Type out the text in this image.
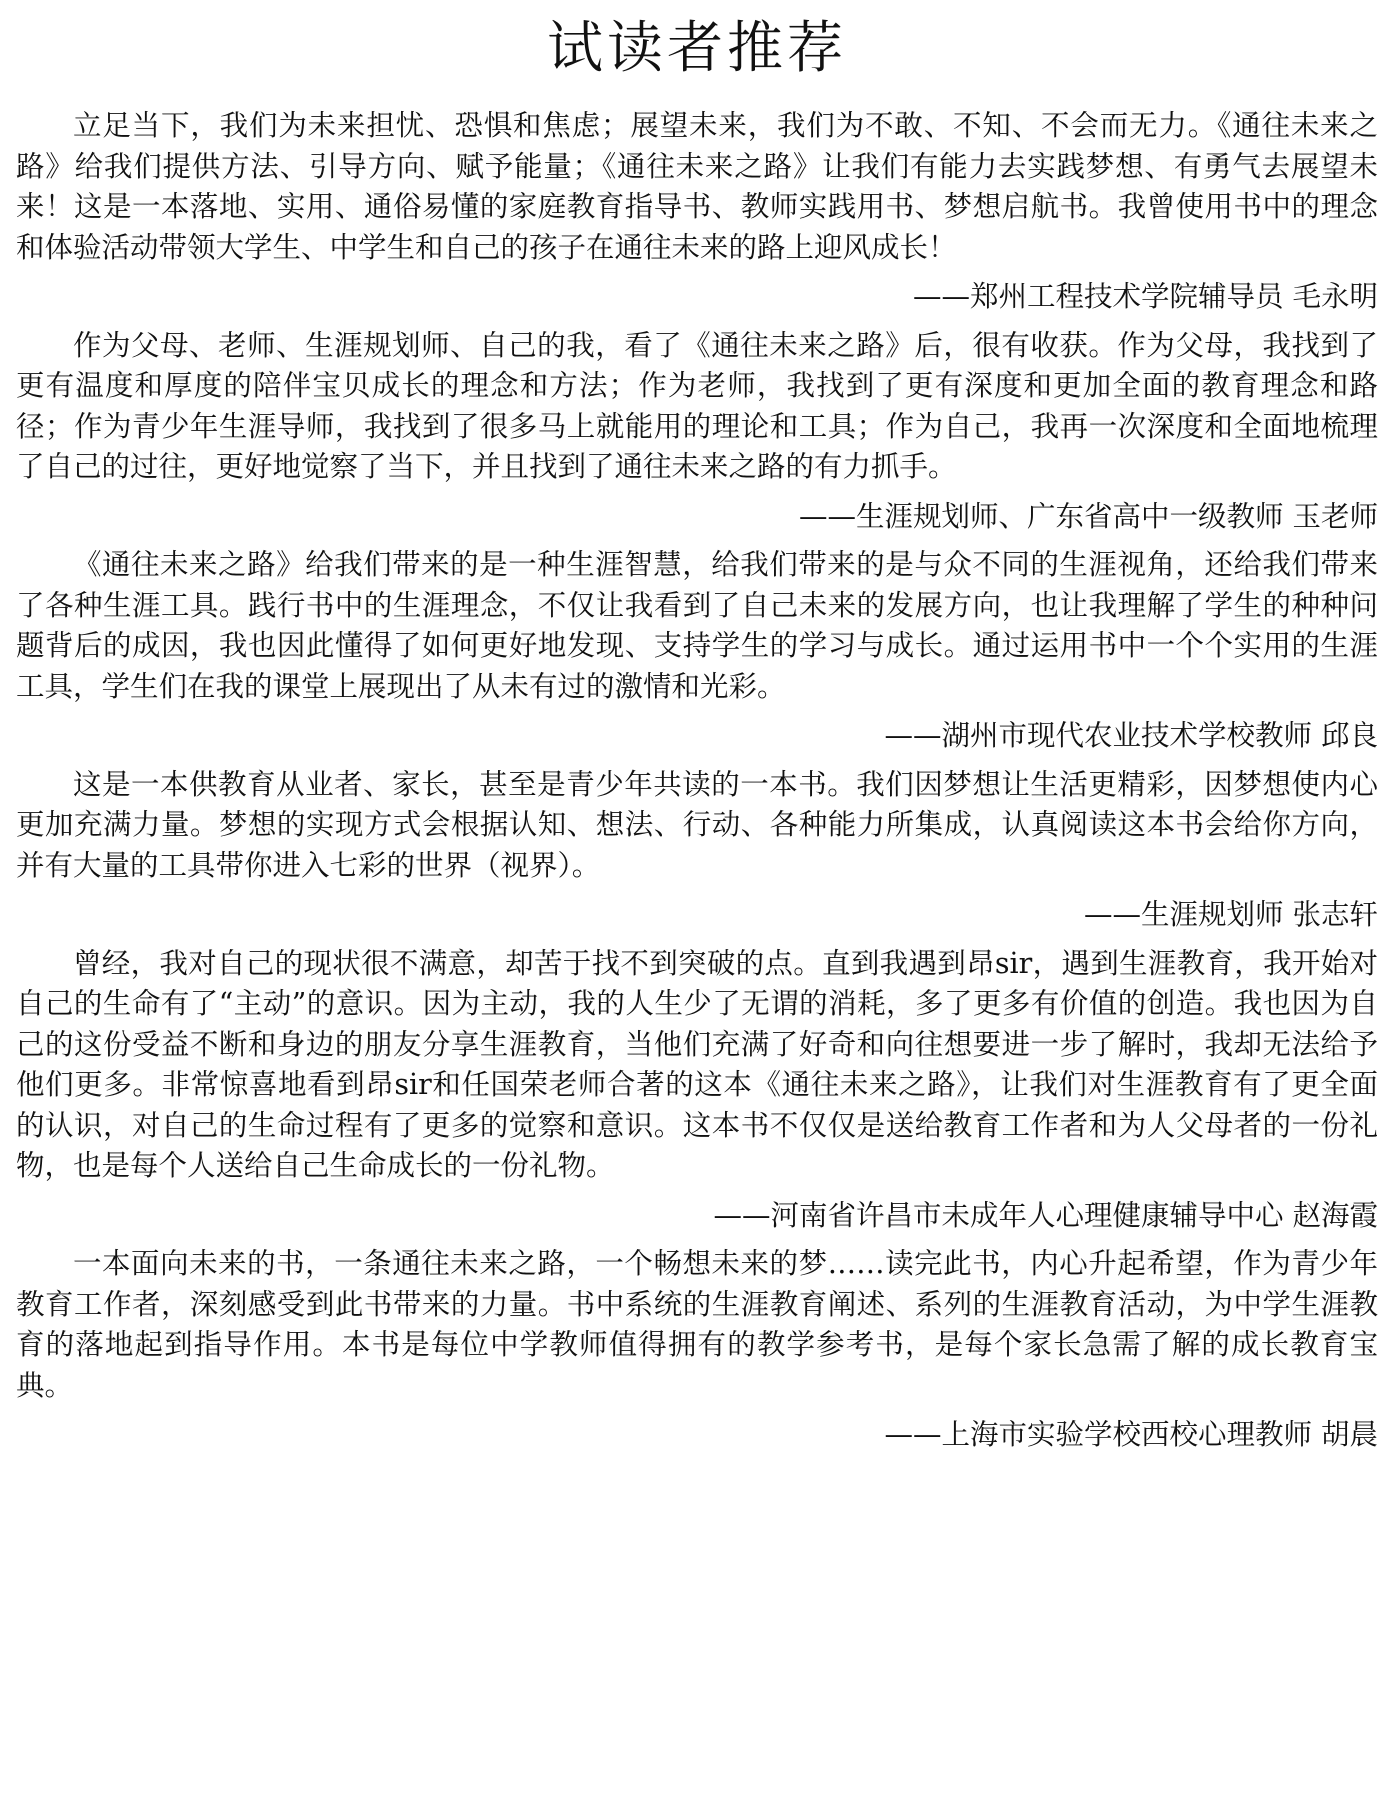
试读者推荐

立足当下，我们为未来担忧、恐惧和焦虑；展望未来，我们为不敢、不知、不会而无力。《通往未来之路》给我们提供方法、引导方向、赋予能量；《通往未来之路》让我们有能力去实践梦想、有勇气去展望未来！这是一本落地、实用、通俗易懂的家庭教育指导书、教师实践用书、梦想启航书。我曾使用书中的理念和体验活动带领大学生、中学生和自己的孩子在通往未来的路上迎风成长！

——郑州工程技术学院辅导员 毛永明

作为父母、老师、生涯规划师、自己的我，看了《通往未来之路》后，很有收获。作为父母，我找到了更有温度和厚度的陪伴宝贝成长的理念和方法；作为老师，我找到了更有深度和更加全面的教育理念和路径；作为青少年生涯导师，我找到了很多马上就能用的理论和工具；作为自己，我再一次深度和全面地梳理了自己的过往，更好地觉察了当下，并且找到了通往未来之路的有力抓手。

——生涯规划师、广东省高中一级教师 玉老师

《通往未来之路》给我们带来的是一种生涯智慧，给我们带来的是与众不同的生涯视角，还给我们带来了各种生涯工具。践行书中的生涯理念，不仅让我看到了自己未来的发展方向，也让我理解了学生的种种问题背后的成因，我也因此懂得了如何更好地发现、支持学生的学习与成长。通过运用书中一个个实用的生涯工具，学生们在我的课堂上展现出了从未有过的激情和光彩。

——湖州市现代农业技术学校教师 邱良

这是一本供教育从业者、家长，甚至是青少年共读的一本书。我们因梦想让生活更精彩，因梦想使内心更加充满力量。梦想的实现方式会根据认知、想法、行动、各种能力所集成，认真阅读这本书会给你方向，并有大量的工具带你进入七彩的世界（视界）。

——生涯规划师 张志轩

曾经，我对自己的现状很不满意，却苦于找不到突破的点。直到我遇到昂sir，遇到生涯教育，我开始对自己的生命有了“主动”的意识。因为主动，我的人生少了无谓的消耗，多了更多有价值的创造。我也因为自己的这份受益不断和身边的朋友分享生涯教育，当他们充满了好奇和向往想要进一步了解时，我却无法给予他们更多。非常惊喜地看到昂sir和任国荣老师合著的这本《通往未来之路》，让我们对生涯教育有了更全面的认识，对自己的生命过程有了更多的觉察和意识。这本书不仅仅是送给教育工作者和为人父母者的一份礼物，也是每个人送给自己生命成长的一份礼物。

——河南省许昌市未成年人心理健康辅导中心 赵海霞

一本面向未来的书，一条通往未来之路，一个畅想未来的梦……读完此书，内心升起希望，作为青少年教育工作者，深刻感受到此书带来的力量。书中系统的生涯教育阐述、系列的生涯教育活动，为中学生涯教育的落地起到指导作用。本书是每位中学教师值得拥有的教学参考书，是每个家长急需了解的成长教育宝典。

——上海市实验学校西校心理教师 胡晨
